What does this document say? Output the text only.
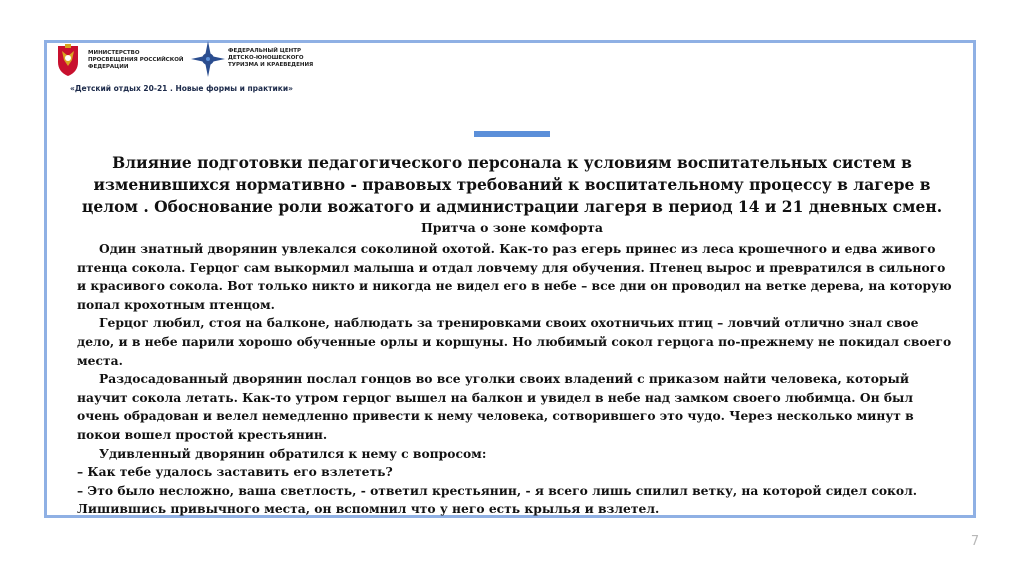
МИНИСТЕРСТВО ПРОСВЕЩЕНИЯ РОССИЙСКОЙ ФЕДЕРАЦИИ
ФЕДЕРАЛЬНЫЙ ЦЕНТР ДЕТСКО-ЮНОШЕСКОГО ТУРИЗМА И КРАЕВЕДЕНИЯ
«Детский отдых 20-21 . Новые формы и практики»
Влияние подготовки педагогического персонала к условиям воспитательных систем в изменившихся нормативно - правовых требований к воспитательному процессу в лагере в целом . Обоснование роли вожатого и администрации лагеря в период 14 и 21 дневных смен.
Притча о зоне комфорта

Один знатный дворянин увлекался соколиной охотой. Как-то раз егерь принес из леса крошечного и едва живого птенца сокола. Герцог сам выкормил малыша и отдал ловчему для обучения. Птенец вырос и превратился в сильного и красивого сокола. Вот только никто и никогда не видел его в небе – все дни он проводил на ветке дерева, на которую попал крохотным птенцом.

Герцог любил, стоя на балконе, наблюдать за тренировками своих охотничьих птиц – ловчий отлично знал свое дело, и в небе парили хорошо обученные орлы и коршуны. Но любимый сокол герцога по-прежнему не покидал своего места.

Раздосадованный дворянин послал гонцов во все уголки своих владений с приказом найти человека, который научит сокола летать. Как-то утром герцог вышел на балкон и увидел в небе над замком своего любимца. Он был очень обрадован и велел немедленно привести к нему человека, сотворившего это чудо. Через несколько минут в покои вошел простой крестьянин.

Удивленный дворянин обратился к нему с вопросом:

– Как тебе удалось заставить его взлететь?

– Это было несложно, ваша светлость, - ответил крестьянин, - я всего лишь спилил ветку, на которой сидел сокол.

Лишившись привычного места, он вспомнил что у него есть крылья и взлетел.

7
